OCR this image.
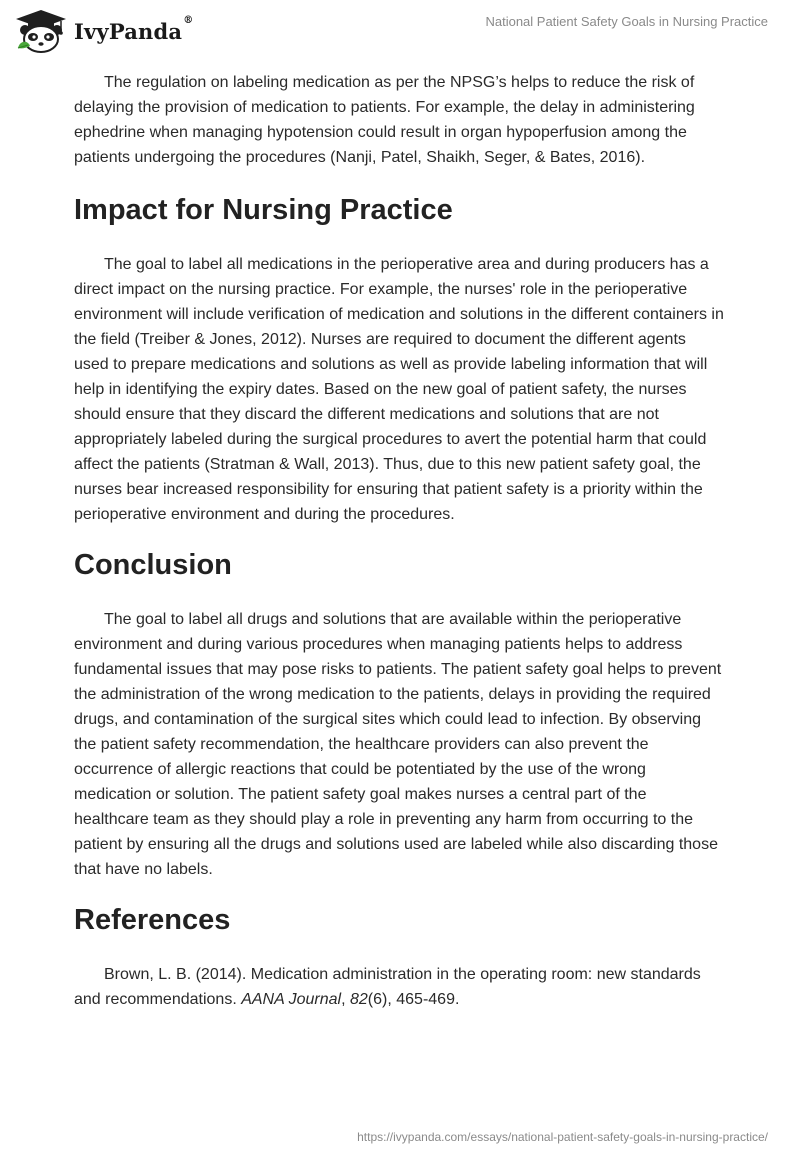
IvyPanda®	National Patient Safety Goals in Nursing Practice

The regulation on labeling medication as per the NPSG’s helps to reduce the risk of delaying the provision of medication to patients. For example, the delay in administering ephedrine when managing hypotension could result in organ hypoperfusion among the patients undergoing the procedures (Nanji, Patel, Shaikh, Seger, & Bates, 2016).

Impact for Nursing Practice

The goal to label all medications in the perioperative area and during producers has a direct impact on the nursing practice. For example, the nurses' role in the perioperative environment will include verification of medication and solutions in the different containers in the field (Treiber & Jones, 2012). Nurses are required to document the different agents used to prepare medications and solutions as well as provide labeling information that will help in identifying the expiry dates. Based on the new goal of patient safety, the nurses should ensure that they discard the different medications and solutions that are not appropriately labeled during the surgical procedures to avert the potential harm that could affect the patients (Stratman & Wall, 2013). Thus, due to this new patient safety goal, the nurses bear increased responsibility for ensuring that patient safety is a priority within the perioperative environment and during the procedures.

Conclusion

The goal to label all drugs and solutions that are available within the perioperative environment and during various procedures when managing patients helps to address fundamental issues that may pose risks to patients. The patient safety goal helps to prevent the administration of the wrong medication to the patients, delays in providing the required drugs, and contamination of the surgical sites which could lead to infection. By observing the patient safety recommendation, the healthcare providers can also prevent the occurrence of allergic reactions that could be potentiated by the use of the wrong medication or solution. The patient safety goal makes nurses a central part of the healthcare team as they should play a role in preventing any harm from occurring to the patient by ensuring all the drugs and solutions used are labeled while also discarding those that have no labels.

References

Brown, L. B. (2014). Medication administration in the operating room: new standards and recommendations. AANA Journal, 82(6), 465-469.

https://ivypanda.com/essays/national-patient-safety-goals-in-nursing-practice/
